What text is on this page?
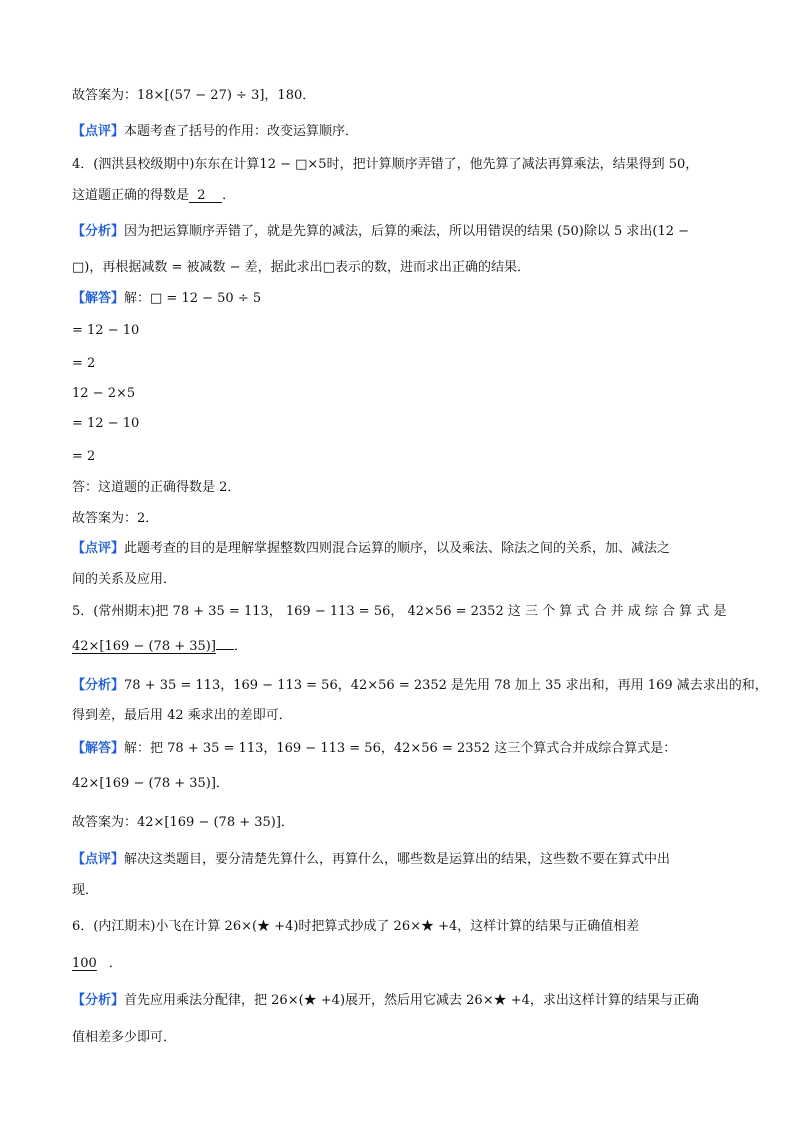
故答案为：18×[(57 − 27) ÷ 3]，180．
【点评】本题考查了括号的作用：改变运算顺序．
4．(泗洪县校级期中)东东在计算12 − □×5时，把计算顺序弄错了，他先算了减法再算乘法，结果得到 50，
这道题正确的得数是  2    ．
【分析】因为把运算顺序弄错了，就是先算的减法，后算的乘法，所以用错误的结果 (50)除以 5 求出(12 −
□)，再根据减数 = 被减数 − 差，据此求出□表示的数，进而求出正确的结果．
【解答】解：□ = 12 − 50 ÷ 5
= 12 − 10
= 2
12 − 2×5
= 12 − 10
= 2
答：这道题的正确得数是 2．
故答案为：2．
【点评】此题考查的目的是理解掌握整数四则混合运算的顺序，以及乘法、除法之间的关系，加、减法之
间的关系及应用．
5．(常州期末)把 78 + 35 = 113， 169 − 113 = 56， 42×56 = 2352 这 三 个 算 式 合 并 成 综 合 算 式 是
42×[169 − (78 + 35)] ．
【分析】78 + 35 = 113，169 − 113 = 56，42×56 = 2352 是先用 78 加上 35 求出和，再用 169 减去求出的和，
得到差，最后用 42 乘求出的差即可．
【解答】解：把 78 + 35 = 113，169 − 113 = 56，42×56 = 2352 这三个算式合并成综合算式是：
42×[169 − (78 + 35)]．
故答案为：42×[169 − (78 + 35)]．
【点评】解决这类题目，要分清楚先算什么，再算什么，哪些数是运算出的结果，这些数不要在算式中出
现．
6．(内江期末)小飞在计算 26×(★ +4)时把算式抄成了 26×★ +4，这样计算的结果与正确值相差
100 ．
【分析】首先应用乘法分配律，把 26×(★ +4)展开，然后用它减去 26×★ +4，求出这样计算的结果与正确
值相差多少即可．
